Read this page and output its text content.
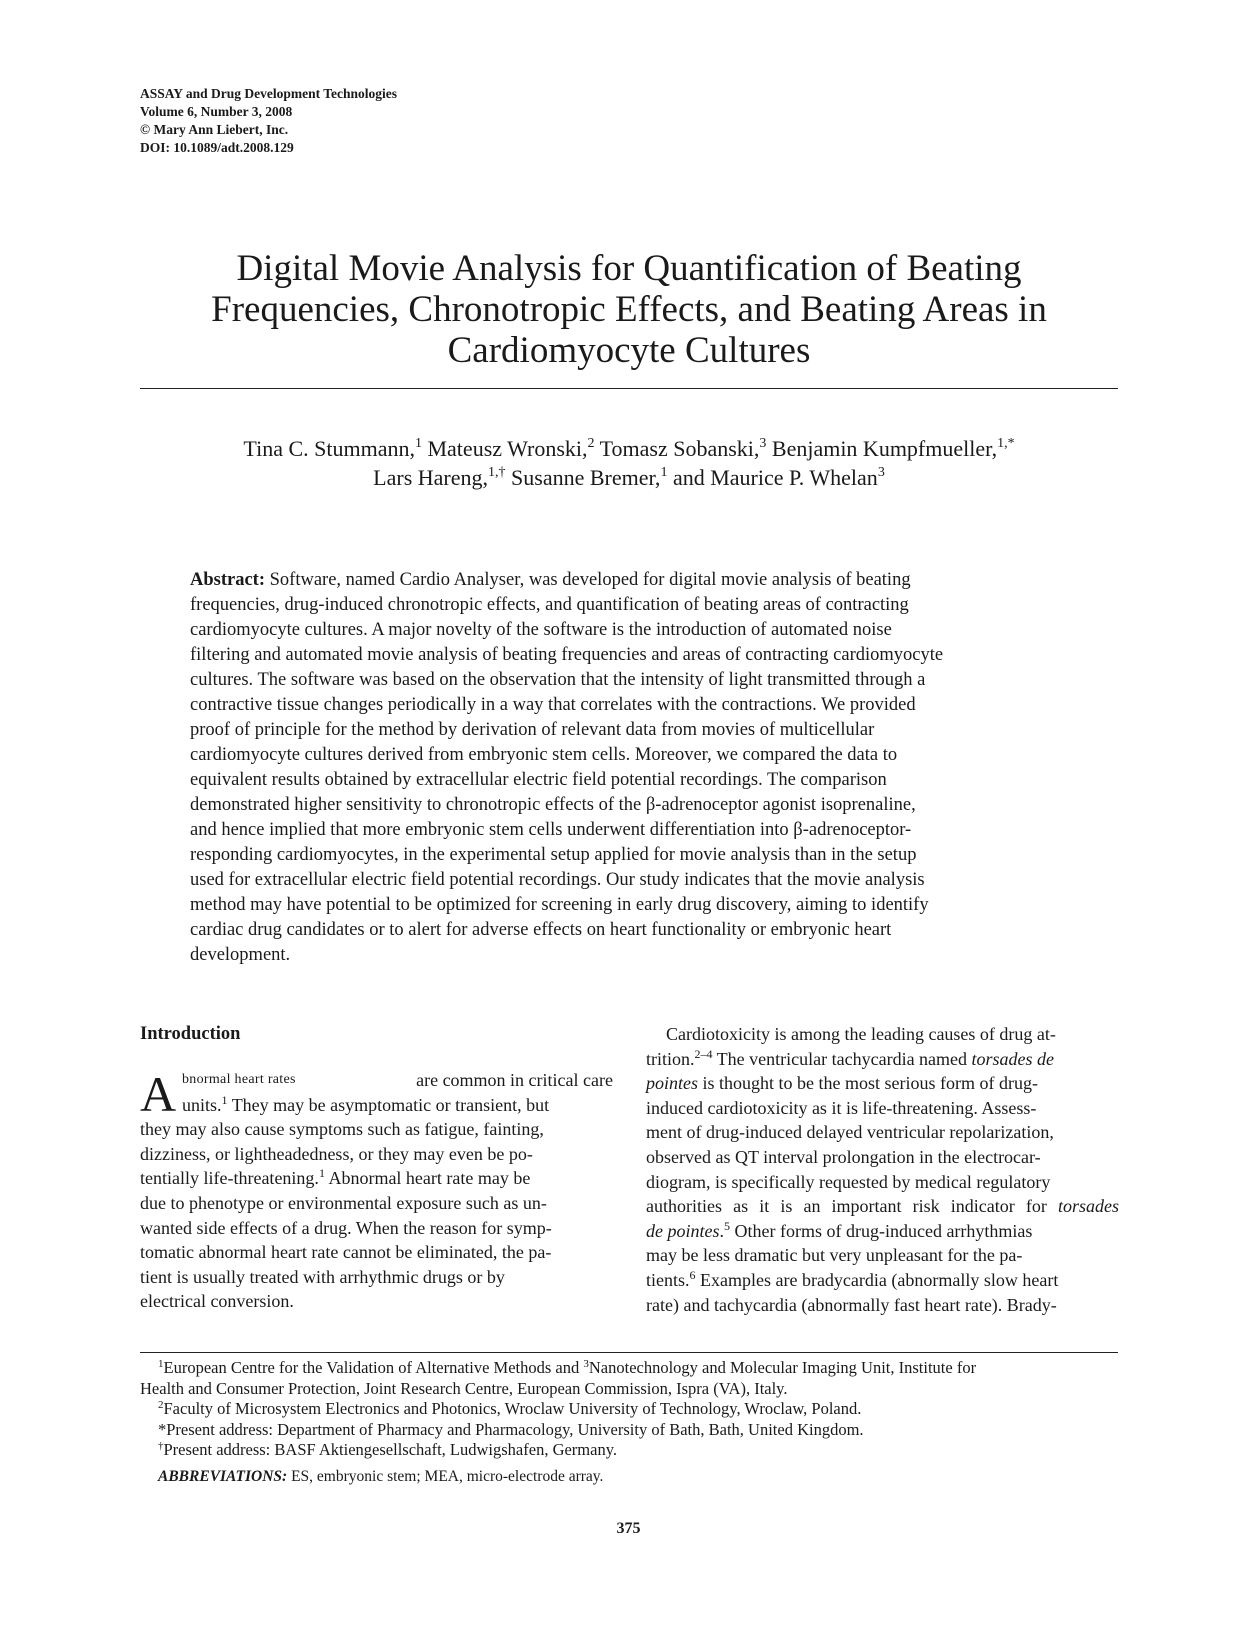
ASSAY and Drug Development Technologies
Volume 6, Number 3, 2008
© Mary Ann Liebert, Inc.
DOI: 10.1089/adt.2008.129
Digital Movie Analysis for Quantification of Beating
Frequencies, Chronotropic Effects, and Beating Areas in
Cardiomyocyte Cultures
Tina C. Stummann,$^1$ Mateusz Wronski,$^2$ Tomasz Sobanski,$^3$ Benjamin Kumpfmueller,$^{1,*}$
Lars Hareng,$^{1,\dagger}$ Susanne Bremer,$^1$ and Maurice P. Whelan$^3$
Abstract: Software, named Cardio Analyser, was developed for digital movie analysis of beating
frequencies, drug-induced chronotropic effects, and quantification of beating areas of contracting
cardiomyocyte cultures. A major novelty of the software is the introduction of automated noise
filtering and automated movie analysis of beating frequencies and areas of contracting cardiomyocyte
cultures. The software was based on the observation that the intensity of light transmitted through a
contractive tissue changes periodically in a way that correlates with the contractions. We provided
proof of principle for the method by derivation of relevant data from movies of multicellular
cardiomyocyte cultures derived from embryonic stem cells. Moreover, we compared the data to
equivalent results obtained by extracellular electric field potential recordings. The comparison
demonstrated higher sensitivity to chronotropic effects of the β-adrenoceptor agonist isoprenaline,
and hence implied that more embryonic stem cells underwent differentiation into β-adrenoceptor-
responding cardiomyocytes, in the experimental setup applied for movie analysis than in the setup
used for extracellular electric field potential recordings. Our study indicates that the movie analysis
method may have potential to be optimized for screening in early drug discovery, aiming to identify
cardiac drug candidates or to alert for adverse effects on heart functionality or embryonic heart
development.
Introduction
A bnormal heart rates	are common in critical care
units.$^1$ They may be asymptomatic or transient, but
they may also cause symptoms such as fatigue, fainting,
dizziness, or lightheadedness, or they may even be po-
tentially life-threatening.$^1$ Abnormal heart rate may be
due to phenotype or environmental exposure such as un-
wanted side effects of a drug. When the reason for symp-
tomatic abnormal heart rate cannot be eliminated, the pa-
tient is usually treated with arrhythmic drugs or by
electrical conversion.
Cardiotoxicity is among the leading causes of drug at-
trition.$^{2-4}$ The ventricular tachycardia named torsades de
pointes is thought to be the most serious form of drug-
induced cardiotoxicity as it is life-threatening. Assess-
ment of drug-induced delayed ventricular repolarization,
observed as QT interval prolongation in the electrocar-
diogram, is specifically requested by medical regulatory
authorities as it is an important risk indicator for torsades
de pointes.$^5$ Other forms of drug-induced arrhythmias
may be less dramatic but very unpleasant for the pa-
tients.$^6$ Examples are bradycardia (abnormally slow heart
rate) and tachycardia (abnormally fast heart rate). Brady-
$^1$European Centre for the Validation of Alternative Methods and $^3$Nanotechnology and Molecular Imaging Unit, Institute for
Health and Consumer Protection, Joint Research Centre, European Commission, Ispra (VA), Italy.
$^2$Faculty of Microsystem Electronics and Photonics, Wroclaw University of Technology, Wroclaw, Poland.
*Present address: Department of Pharmacy and Pharmacology, University of Bath, Bath, United Kingdom.
†Present address: BASF Aktiengesellschaft, Ludwigshafen, Germany.
ABBREVIATIONS: ES, embryonic stem; MEA, micro-electrode array.
375
